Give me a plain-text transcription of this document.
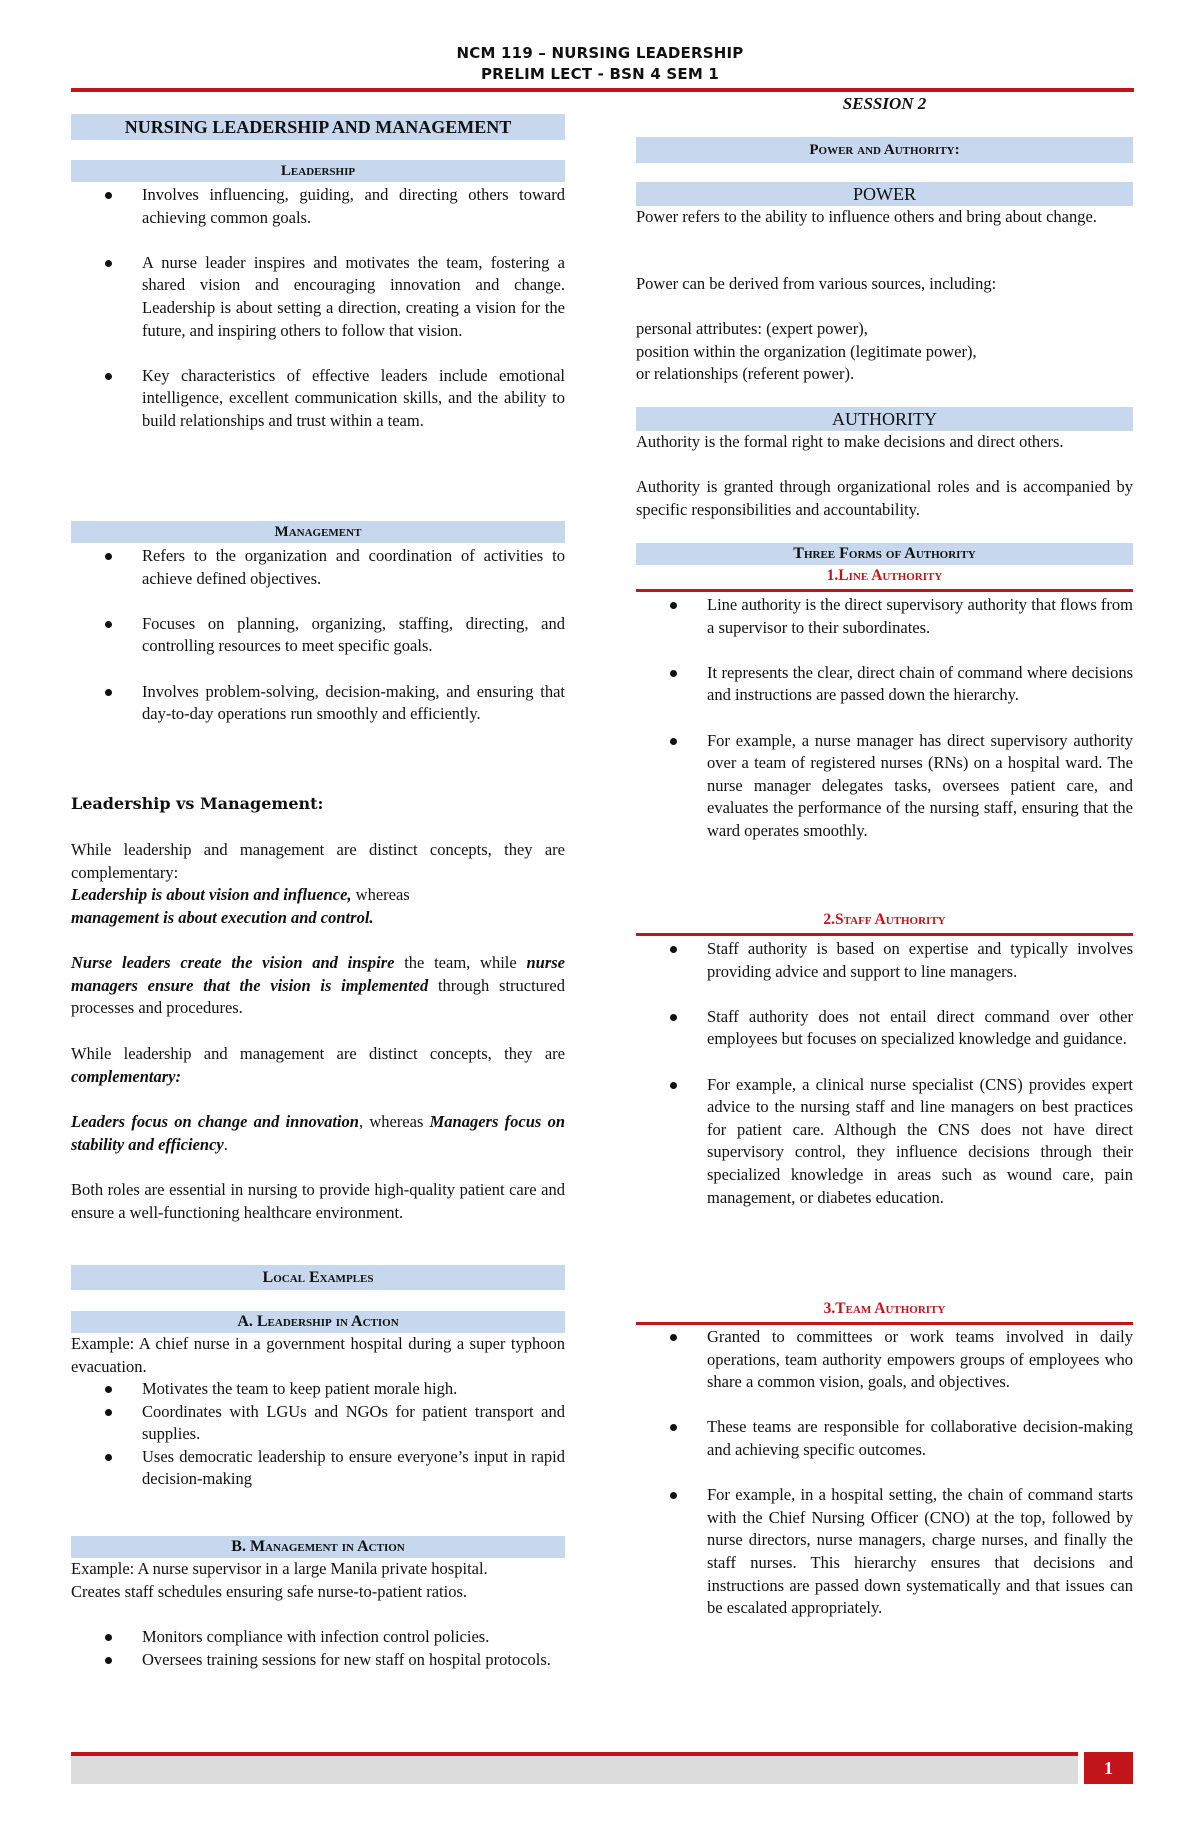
NCM 119 – NURSING LEADERSHIP
PRELIM LECT - BSN 4 SEM 1
NURSING LEADERSHIP AND MANAGEMENT
Leadership
Involves influencing, guiding, and directing others toward achieving common goals.
A nurse leader inspires and motivates the team, fostering a shared vision and encouraging innovation and change. Leadership is about setting a direction, creating a vision for the future, and inspiring others to follow that vision.
Key characteristics of effective leaders include emotional intelligence, excellent communication skills, and the ability to build relationships and trust within a team.
Management
Refers to the organization and coordination of activities to achieve defined objectives.
Focuses on planning, organizing, staffing, directing, and controlling resources to meet specific goals.
Involves problem-solving, decision-making, and ensuring that day-to-day operations run smoothly and efficiently.
Leadership vs Management:
While leadership and management are distinct concepts, they are complementary:
Leadership is about vision and influence, whereas
management is about execution and control.
Nurse leaders create the vision and inspire the team, while nurse managers ensure that the vision is implemented through structured processes and procedures.
While leadership and management are distinct concepts, they are complementary:
Leaders focus on change and innovation, whereas Managers focus on stability and efficiency.
Both roles are essential in nursing to provide high-quality patient care and ensure a well-functioning healthcare environment.
Local Examples
A. Leadership in Action
Example: A chief nurse in a government hospital during a super typhoon evacuation.
Motivates the team to keep patient morale high.
Coordinates with LGUs and NGOs for patient transport and supplies.
Uses democratic leadership to ensure everyone’s input in rapid decision-making
B. Management in Action
Example: A nurse supervisor in a large Manila private hospital.
Creates staff schedules ensuring safe nurse-to-patient ratios.
Monitors compliance with infection control policies.
Oversees training sessions for new staff on hospital protocols.
SESSION 2
Power and Authority:
POWER
Power refers to the ability to influence others and bring about change.
Power can be derived from various sources, including:
personal attributes: (expert power),
position within the organization (legitimate power),
or relationships (referent power).
AUTHORITY
Authority is the formal right to make decisions and direct others.
Authority is granted through organizational roles and is accompanied by specific responsibilities and accountability.
Three Forms of Authority
1.Line Authority
Line authority is the direct supervisory authority that flows from a supervisor to their subordinates.
It represents the clear, direct chain of command where decisions and instructions are passed down the hierarchy.
For example, a nurse manager has direct supervisory authority over a team of registered nurses (RNs) on a hospital ward. The nurse manager delegates tasks, oversees patient care, and evaluates the performance of the nursing staff, ensuring that the ward operates smoothly.
2.Staff Authority
Staff authority is based on expertise and typically involves providing advice and support to line managers.
Staff authority does not entail direct command over other employees but focuses on specialized knowledge and guidance.
For example, a clinical nurse specialist (CNS) provides expert advice to the nursing staff and line managers on best practices for patient care. Although the CNS does not have direct supervisory control, they influence decisions through their specialized knowledge in areas such as wound care, pain management, or diabetes education.
3.Team Authority
Granted to committees or work teams involved in daily operations, team authority empowers groups of employees who share a common vision, goals, and objectives.
These teams are responsible for collaborative decision-making and achieving specific outcomes.
For example, in a hospital setting, the chain of command starts with the Chief Nursing Officer (CNO) at the top, followed by nurse directors, nurse managers, charge nurses, and finally the staff nurses. This hierarchy ensures that decisions and instructions are passed down systematically and that issues can be escalated appropriately.
1
